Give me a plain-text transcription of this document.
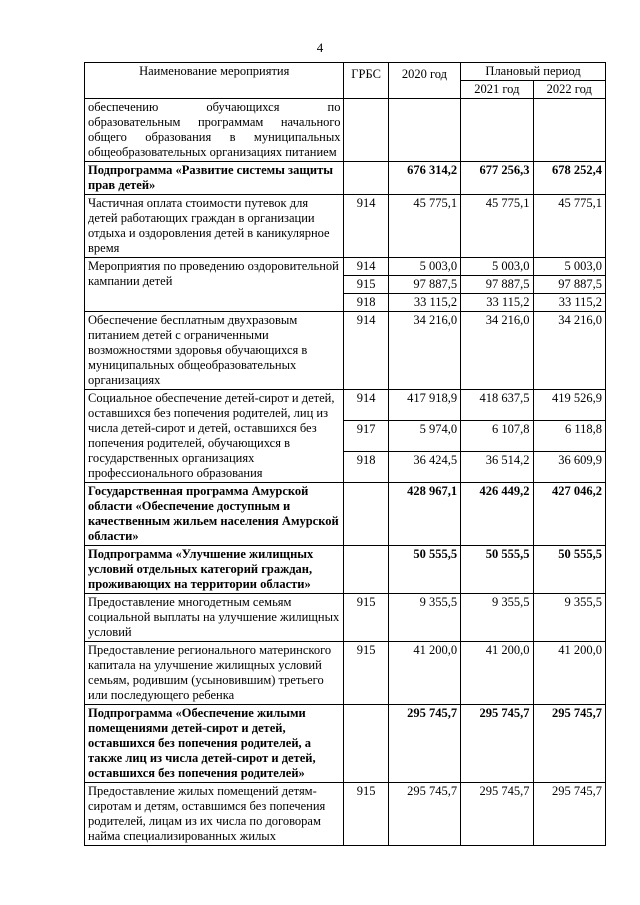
4
Наименование мероприятия	ГРБС	2020 год	Плановый период	
			2021 год	2022 год
обеспечению обучающихся по образовательным программам начального общего образования в муниципальных общеобразовательных организациях питанием				
Подпрограмма «Развитие системы защиты прав детей»		676 314,2	677 256,3	678 252,4
Частичная оплата стоимости путевок для детей работающих граждан в организации отдыха и оздоровления детей в каникулярное время	914	45 775,1	45 775,1	45 775,1
Мероприятия по проведению оздоровительной кампании детей	914	5 003,0	5 003,0	5 003,0
	915	97 887,5	97 887,5	97 887,5
	918	33 115,2	33 115,2	33 115,2
Обеспечение бесплатным двухразовым питанием детей с ограниченными возможностями здоровья обучающихся в муниципальных общеобразовательных организациях	914	34 216,0	34 216,0	34 216,0
Социальное обеспечение детей-сирот и детей, оставшихся без попечения родителей, лиц из числа детей-сирот и детей, оставшихся без попечения родителей, обучающихся в государственных организациях профессионального образования	914	417 918,9	418 637,5	419 526,9
	917	5 974,0	6 107,8	6 118,8
	918	36 424,5	36 514,2	36 609,9
Государственная программа Амурской области «Обеспечение доступным и качественным жильем населения Амурской области»		428 967,1	426 449,2	427 046,2
Подпрограмма «Улучшение жилищных условий отдельных категорий граждан, проживающих на территории области»		50 555,5	50 555,5	50 555,5
Предоставление многодетным семьям социальной выплаты на улучшение жилищных условий	915	9 355,5	9 355,5	9 355,5
Предоставление регионального материнского капитала на улучшение жилищных условий семьям, родившим (усыновившим) третьего или последующего ребенка	915	41 200,0	41 200,0	41 200,0
Подпрограмма «Обеспечение жилыми помещениями детей-сирот и детей, оставшихся без попечения родителей, а также лиц из числа детей-сирот и детей, оставшихся без попечения родителей»		295 745,7	295 745,7	295 745,7
Предоставление жилых помещений детям-сиротам и детям, оставшимся без попечения родителей, лицам из их числа по договорам найма специализированных жилых	915	295 745,7	295 745,7	295 745,7
